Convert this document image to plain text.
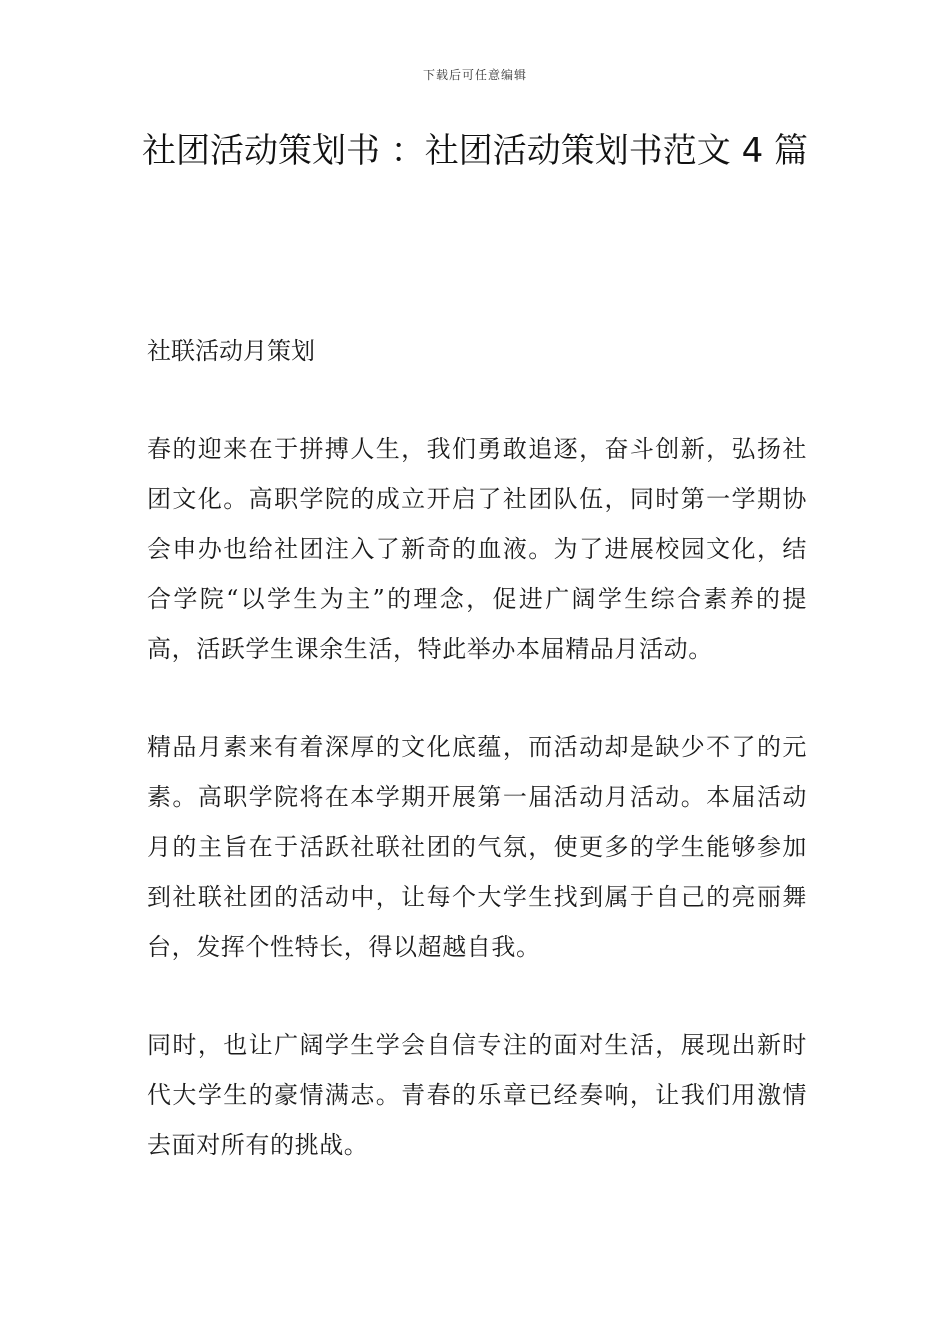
下载后可任意编辑
社团活动策划书 ：社团活动策划书范文 4 篇

社联活动月策划

春的迎来在于拼搏人生，我们勇敢追逐，奋斗创新，弘扬社团文化。高职学院的成立开启了社团队伍，同时第一学期协会申办也给社团注入了新奇的血液。为了进展校园文化，结合学院“以学生为主”的理念，促进广阔学生综合素养的提高，活跃学生课余生活，特此举办本届精品月活动。

精品月素来有着深厚的文化底蕴，而活动却是缺少不了的元素。高职学院将在本学期开展第一届活动月活动。本届活动月的主旨在于活跃社联社团的气氛，使更多的学生能够参加到社联社团的活动中，让每个大学生找到属于自己的亮丽舞台，发挥个性特长，得以超越自我。

同时，也让广阔学生学会自信专注的面对生活，展现出新时代大学生的豪情满志。青春的乐章已经奏响，让我们用激情去面对所有的挑战。
